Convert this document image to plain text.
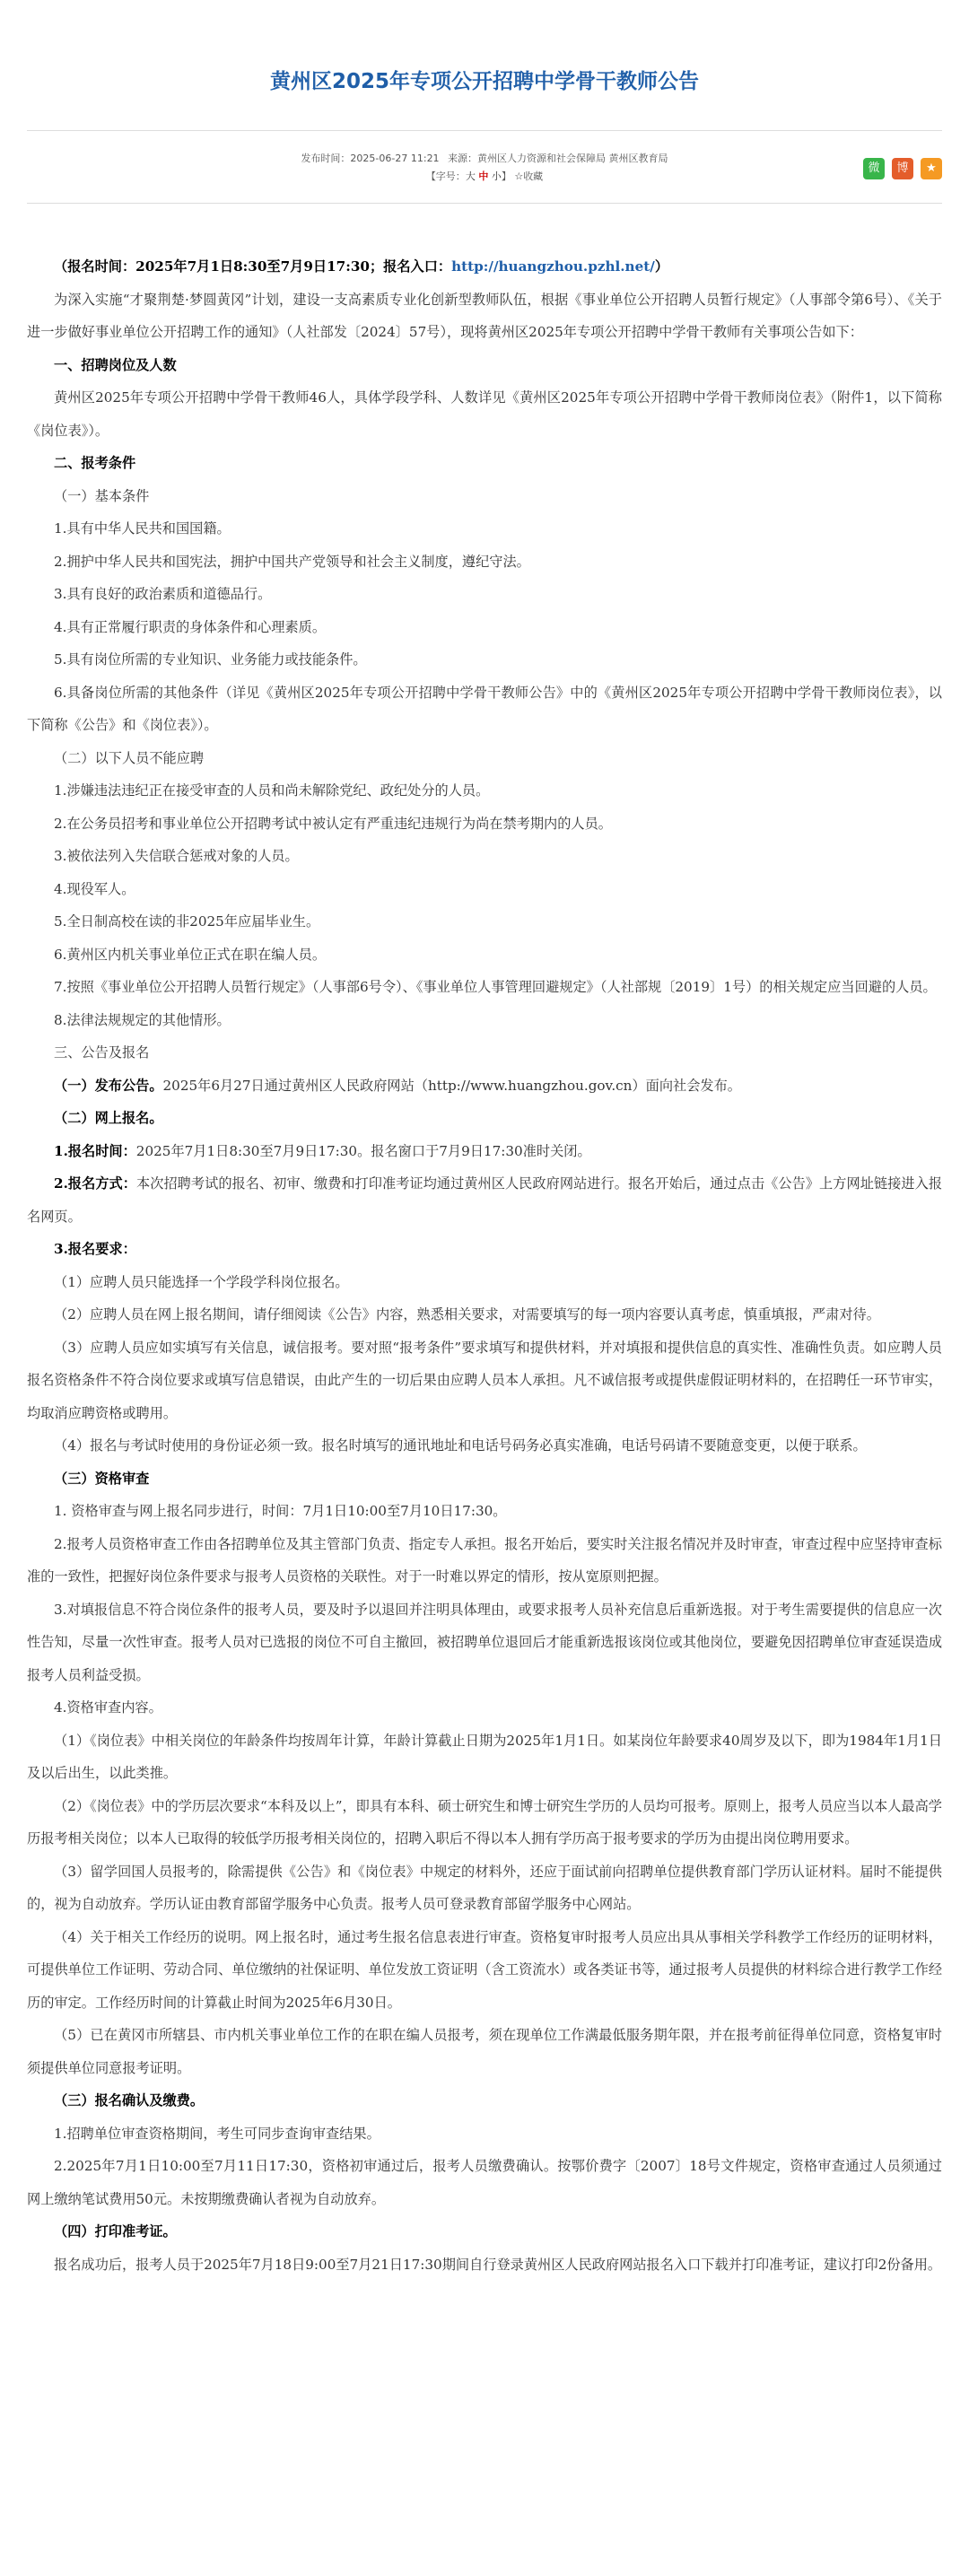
黄州区2025年专项公开招聘中学骨干教师公告
发布时间：2025-06-27 11:21 来源：黄州区人力资源和社会保障局 黄州区教育局
【字号：大 中 小】 ☆收藏
微	博	★

（报名时间：2025年7月1日8:30至7月9日17:30；报名入口：http://huangzhou.pzhl.net/）

为深入实施“才聚荆楚·梦圆黄冈”计划，建设一支高素质专业化创新型教师队伍，根据《事业单位公开招聘人员暂行规定》（人事部令第6号）、《关于进一步做好事业单位公开招聘工作的通知》（人社部发〔2024〕57号），现将黄州区2025年专项公开招聘中学骨干教师有关事项公告如下：

一、招聘岗位及人数

黄州区2025年专项公开招聘中学骨干教师46人，具体学段学科、人数详见《黄州区2025年专项公开招聘中学骨干教师岗位表》（附件1，以下简称《岗位表》）。

二、报考条件

（一）基本条件

1.具有中华人民共和国国籍。

2.拥护中华人民共和国宪法，拥护中国共产党领导和社会主义制度，遵纪守法。

3.具有良好的政治素质和道德品行。

4.具有正常履行职责的身体条件和心理素质。

5.具有岗位所需的专业知识、业务能力或技能条件。

6.具备岗位所需的其他条件（详见《黄州区2025年专项公开招聘中学骨干教师公告》中的《黄州区2025年专项公开招聘中学骨干教师岗位表》，以下简称《公告》和《岗位表》）。

（二）以下人员不能应聘

1.涉嫌违法违纪正在接受审查的人员和尚未解除党纪、政纪处分的人员。

2.在公务员招考和事业单位公开招聘考试中被认定有严重违纪违规行为尚在禁考期内的人员。

3.被依法列入失信联合惩戒对象的人员。

4.现役军人。

5.全日制高校在读的非2025年应届毕业生。

6.黄州区内机关事业单位正式在职在编人员。

7.按照《事业单位公开招聘人员暂行规定》（人事部6号令）、《事业单位人事管理回避规定》（人社部规〔2019〕1号）的相关规定应当回避的人员。

8.法律法规规定的其他情形。

三、公告及报名

（一）发布公告。2025年6月27日通过黄州区人民政府网站（http://www.huangzhou.gov.cn）面向社会发布。

（二）网上报名。

1.报名时间：2025年7月1日8:30至7月9日17:30。报名窗口于7月9日17:30准时关闭。

2.报名方式：本次招聘考试的报名、初审、缴费和打印准考证均通过黄州区人民政府网站进行。报名开始后，通过点击《公告》上方网址链接进入报名网页。

3.报名要求：

（1）应聘人员只能选择一个学段学科岗位报名。

（2）应聘人员在网上报名期间，请仔细阅读《公告》内容，熟悉相关要求，对需要填写的每一项内容要认真考虑，慎重填报，严肃对待。

（3）应聘人员应如实填写有关信息，诚信报考。要对照“报考条件”要求填写和提供材料，并对填报和提供信息的真实性、准确性负责。如应聘人员报名资格条件不符合岗位要求或填写信息错误，由此产生的一切后果由应聘人员本人承担。凡不诚信报考或提供虚假证明材料的，在招聘任一环节审实，均取消应聘资格或聘用。

（4）报名与考试时使用的身份证必须一致。报名时填写的通讯地址和电话号码务必真实准确，电话号码请不要随意变更，以便于联系。

（三）资格审查

1. 资格审查与网上报名同步进行，时间：7月1日10:00至7月10日17:30。

2.报考人员资格审查工作由各招聘单位及其主管部门负责、指定专人承担。报名开始后，要实时关注报名情况并及时审查，审查过程中应坚持审查标准的一致性，把握好岗位条件要求与报考人员资格的关联性。对于一时难以界定的情形，按从宽原则把握。

3.对填报信息不符合岗位条件的报考人员，要及时予以退回并注明具体理由，或要求报考人员补充信息后重新选报。对于考生需要提供的信息应一次性告知，尽量一次性审查。报考人员对已选报的岗位不可自主撤回，被招聘单位退回后才能重新选报该岗位或其他岗位，要避免因招聘单位审查延误造成报考人员利益受损。

4.资格审查内容。

（1）《岗位表》中相关岗位的年龄条件均按周年计算，年龄计算截止日期为2025年1月1日。如某岗位年龄要求40周岁及以下，即为1984年1月1日及以后出生，以此类推。

（2）《岗位表》中的学历层次要求“本科及以上”，即具有本科、硕士研究生和博士研究生学历的人员均可报考。原则上，报考人员应当以本人最高学历报考相关岗位；以本人已取得的较低学历报考相关岗位的，招聘入职后不得以本人拥有学历高于报考要求的学历为由提出岗位聘用要求。

（3）留学回国人员报考的，除需提供《公告》和《岗位表》中规定的材料外，还应于面试前向招聘单位提供教育部门学历认证材料。届时不能提供的，视为自动放弃。学历认证由教育部留学服务中心负责。报考人员可登录教育部留学服务中心网站。

（4）关于相关工作经历的说明。网上报名时，通过考生报名信息表进行审查。资格复审时报考人员应出具从事相关学科教学工作经历的证明材料，可提供单位工作证明、劳动合同、单位缴纳的社保证明、单位发放工资证明（含工资流水）或各类证书等，通过报考人员提供的材料综合进行教学工作经历的审定。工作经历时间的计算截止时间为2025年6月30日。

（5）已在黄冈市所辖县、市内机关事业单位工作的在职在编人员报考，须在现单位工作满最低服务期年限，并在报考前征得单位同意，资格复审时须提供单位同意报考证明。

（三）报名确认及缴费。

1.招聘单位审查资格期间，考生可同步查询审查结果。

2.2025年7月1日10:00至7月11日17:30，资格初审通过后，报考人员缴费确认。按鄂价费字〔2007〕18号文件规定，资格审查通过人员须通过网上缴纳笔试费用50元。未按期缴费确认者视为自动放弃。

（四）打印准考证。

报名成功后，报考人员于2025年7月18日9:00至7月21日17:30期间自行登录黄州区人民政府网站报名入口下载并打印准考证，建议打印2份备用。
